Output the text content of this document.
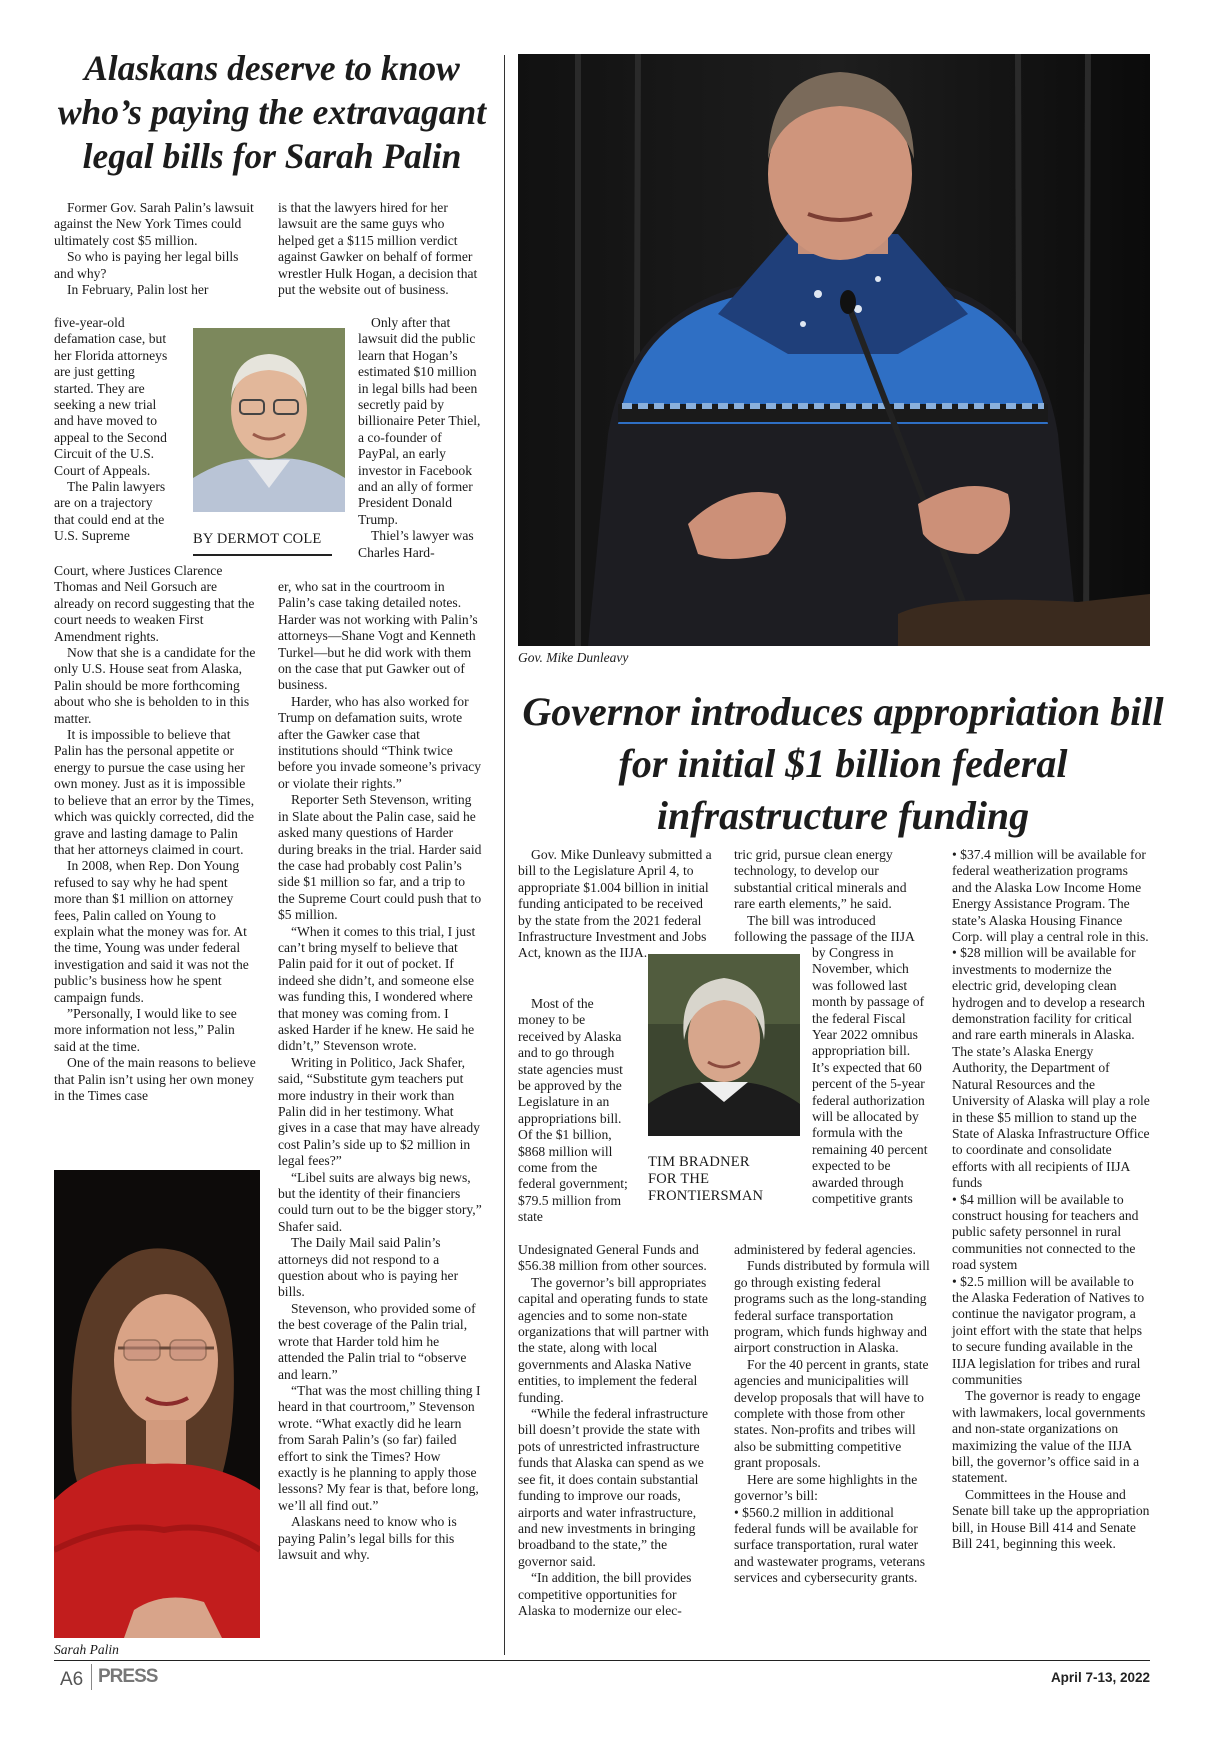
Alaskans deserve to know who’s paying the extravagant legal bills for Sarah Palin

Former Gov. Sarah Palin’s lawsuit against the New York Times could ultimately cost $5 million.

So who is paying her legal bills and why?

In February, Palin lost her

five-year-old defamation case, but her Florida attorneys are just getting started. They are seeking a new trial and have moved to appeal to the Second Circuit of the U.S. Court of Appeals.

The Palin lawyers are on a trajectory that could end at the U.S. Supreme

Court, where Justices Clarence Thomas and Neil Gorsuch are already on record suggesting that the court needs to weaken First Amendment rights.

Now that she is a candidate for the only U.S. House seat from Alaska, Palin should be more forthcoming about who she is beholden to in this matter.

It is impossible to believe that Palin has the personal appetite or energy to pursue the case using her own money. Just as it is impossible to believe that an error by the Times, which was quickly corrected, did the grave and lasting damage to Palin that her attorneys claimed in court.

In 2008, when Rep. Don Young refused to say why he had spent more than $1 million on attorney fees, Palin called on Young to explain what the money was for. At the time, Young was under federal investigation and said it was not the public’s business how he spent campaign funds.

”Personally, I would like to see more information not less,” Palin said at the time.

One of the main reasons to believe that Palin isn’t using her own money in the Times case

BY DERMOT COLE

is that the lawyers hired for her lawsuit are the same guys who helped get a $115 million verdict against Gawker on behalf of former wrestler Hulk Hogan, a decision that put the website out of business.

Only after that lawsuit did the public learn that Hogan’s estimated $10 million in legal bills had been secretly paid by billionaire Peter Thiel, a co-founder of PayPal, an early investor in Facebook and an ally of former President Donald Trump.

Thiel’s lawyer was Charles Hard-

er, who sat in the courtroom in Palin’s case taking detailed notes. Harder was not working with Palin’s attorneys—Shane Vogt and Kenneth Turkel—but he did work with them on the case that put Gawker out of business.

Harder, who has also worked for Trump on defamation suits, wrote after the Gawker case that institutions should “Think twice before you invade someone’s privacy or violate their rights.”

Reporter Seth Stevenson, writing in Slate about the Palin case, said he asked many questions of Harder during breaks in the trial. Harder said the case had probably cost Palin’s side $1 million so far, and a trip to the Supreme Court could push that to $5 million.

“When it comes to this trial, I just can’t bring myself to believe that Palin paid for it out of pocket. If indeed she didn’t, and someone else was funding this, I wondered where that money was coming from. I asked Harder if he knew. He said he didn’t,” Stevenson wrote.

Writing in Politico, Jack Shafer, said, “Substitute gym teachers put more industry in their work than Palin did in her testimony. What gives in a case that may have already cost Palin’s side up to $2 million in legal fees?”

“Libel suits are always big news, but the identity of their financiers could turn out to be the bigger story,” Shafer said.

The Daily Mail said Palin’s attorneys did not respond to a question about who is paying her bills.

Stevenson, who provided some of the best coverage of the Palin trial, wrote that Harder told him he attended the Palin trial to “observe and learn.”

“That was the most chilling thing I heard in that courtroom,” Stevenson wrote. “What exactly did he learn from Sarah Palin’s (so far) failed effort to sink the Times? How exactly is he planning to apply those lessons? My fear is that, before long, we’ll all find out.”

Alaskans need to know who is paying Palin’s legal bills for this lawsuit and why.

Sarah Palin
Gov. Mike Dunleavy
Governor introduces appropriation bill for initial $1 billion federal infrastructure funding

Gov. Mike Dunleavy submitted a bill to the Legislature April 4, to appropriate $1.004 billion in initial funding anticipated to be received by the state from the 2021 federal Infrastructure Investment and Jobs Act, known as the IIJA.

Most of the money to be received by Alaska and to go through state agencies must be approved by the Legislature in an appropriations bill. Of the $1 billion, $868 million will come from the federal government; $79.5 million from state

Undesignated General Funds and $56.38 million from other sources.

The governor’s bill appropriates capital and operating funds to state agencies and to some non-state organizations that will partner with the state, along with local governments and Alaska Native entities, to implement the federal funding.

“While the federal infrastructure bill doesn’t provide the state with pots of unrestricted infrastructure funds that Alaska can spend as we see fit, it does contain substantial funding to improve our roads, airports and water infrastructure, and new investments in bringing broadband to the state,” the governor said.

“In addition, the bill provides competitive opportunities for Alaska to modernize our elec-

TIM BRADNER
FOR THE
FRONTIERSMAN

tric grid, pursue clean energy technology, to develop our substantial critical minerals and rare earth elements,” he said.

The bill was introduced following the passage of the IIJA

by Congress in November, which was followed last month by passage of the federal Fiscal Year 2022 omnibus appropriation bill. It’s expected that 60 percent of the 5-year federal authorization will be allocated by formula with the remaining 40 percent expected to be awarded through competitive grants

administered by federal agencies.

Funds distributed by formula will go through existing federal programs such as the long-standing federal surface transportation program, which funds highway and airport construction in Alaska.

For the 40 percent in grants, state agencies and municipalities will develop proposals that will have to complete with those from other states. Non-profits and tribes will also be submitting competitive grant proposals.

Here are some highlights in the governor’s bill:

• $560.2 million in additional federal funds will be available for surface transportation, rural water and wastewater programs, veterans services and cybersecurity grants.

• $37.4 million will be available for federal weatherization programs and the Alaska Low Income Home Energy Assistance Program. The state’s Alaska Housing Finance Corp. will play a central role in this.

• $28 million will be available for investments to modernize the electric grid, developing clean hydrogen and to develop a research demonstration facility for critical and rare earth minerals in Alaska. The state’s Alaska Energy Authority, the Department of Natural Resources and the University of Alaska will play a role in these $5 million to stand up the State of Alaska Infrastructure Office to coordinate and consolidate efforts with all recipients of IIJA funds

• $4 million will be available to construct housing for teachers and public safety personnel in rural communities not connected to the road system

• $2.5 million will be available to the Alaska Federation of Natives to continue the navigator program, a joint effort with the state that helps to secure funding available in the IIJA legislation for tribes and rural communities

The governor is ready to engage with lawmakers, local governments and non-state organizations on maximizing the value of the IIJA bill, the governor’s office said in a statement.

Committees in the House and Senate bill take up the appropriation bill, in House Bill 414 and Senate Bill 241, beginning this week.

A6 PRESS	April 7-13, 2022
